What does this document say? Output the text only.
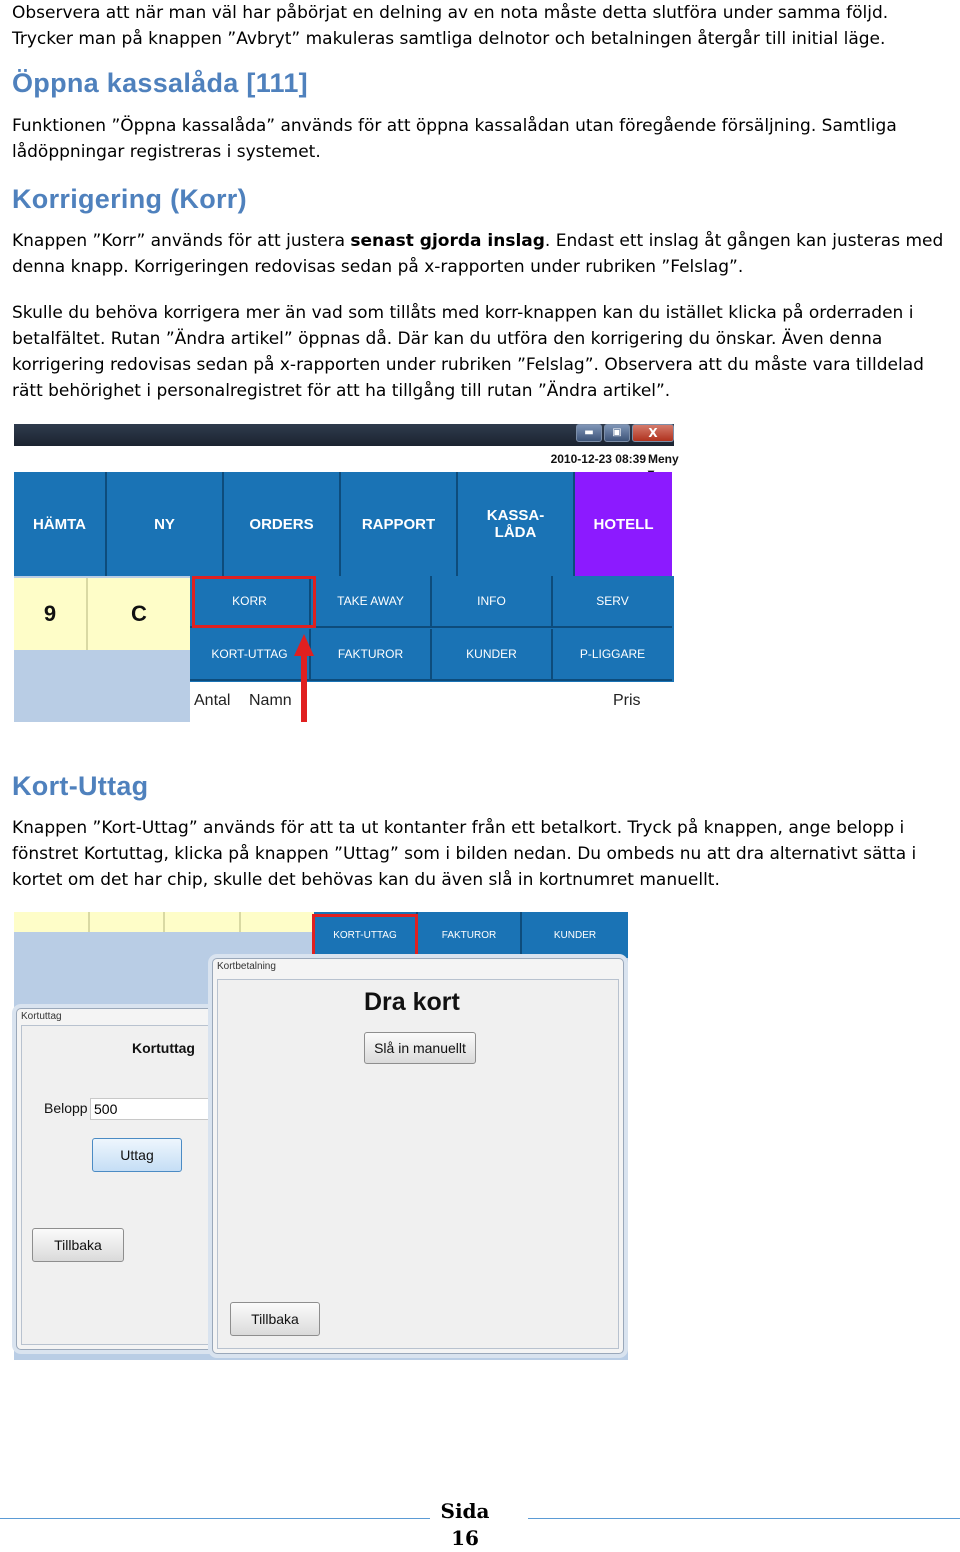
Observera att när man väl har påbörjat en delning av en nota måste detta slutföra under samma följd. Trycker man på knappen ”Avbryt” makuleras samtliga delnotor och betalningen återgår till initial läge.

Öppna kassalåda [111]

Funktionen ”Öppna kassalåda” används för att öppna kassalådan utan föregående försäljning. Samtliga lådöppningar registreras i systemet.

Korrigering (Korr)

Knappen ”Korr” används för att justera senast gjorda inslag. Endast ett inslag åt gången kan justeras med denna knapp. Korrigeringen redovisas sedan på x-rapporten under rubriken ”Felslag”.

Skulle du behöva korrigera mer än vad som tillåts med korr-knappen kan du istället klicka på orderraden i betalfältet. Rutan ”Ändra artikel” öppnas då. Där kan du utföra den korrigering du önskar. Även denna korrigering redovisas sedan på x-rapporten under rubriken ”Felslag”. Observera att du måste vara tilldelad rätt behörighet i personalregistret för att ha tillgång till rutan ”Ändra artikel”.

▬	▣	X
2010-12-23 08:39 Meny
HÄMTA	NY	ORDERS	RAPPORT	KASSA-
LÅDA	HOTELL
9	C	KORR	TAKE AWAY	INFO	SERV
KORT-UTTAG	FAKTUROR	KUNDER	P-LIGGARE
Antal Namn	Pris
Kort-Uttag

Knappen ”Kort-Uttag” används för att ta ut kontanter från ett betalkort. Tryck på knappen, ange belopp i fönstret Kortuttag, klicka på knappen ”Uttag” som i bilden nedan. Du ombeds nu att dra alternativt sätta i kortet om det har chip, skulle det behövas kan du även slå in kortnumret manuellt.

KORT-UTTAG	FAKTUROR	KUNDER
Kortuttag
Kortuttag
Belopp 500
Uttag
Tillbaka
Kortbetalning
Dra kort
Slå in manuellt
Tillbaka
Sida
16
